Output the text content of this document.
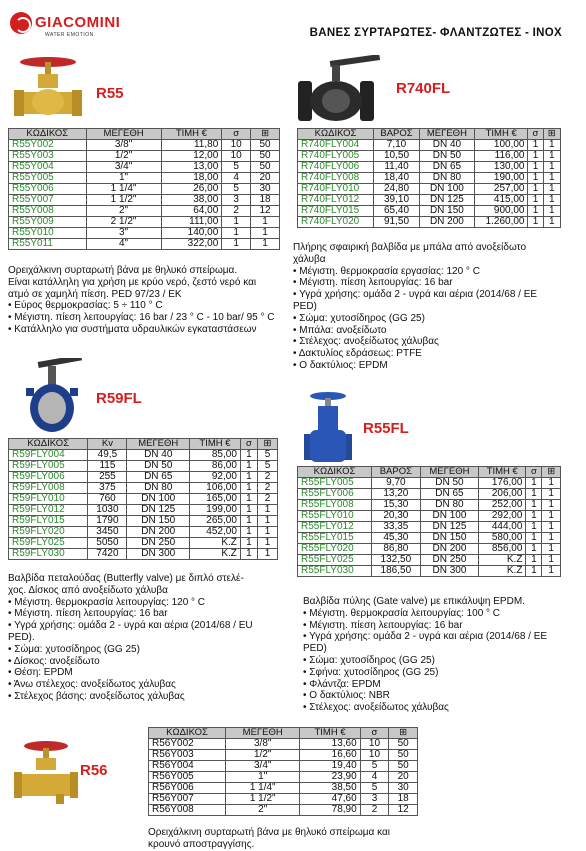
GIACOMINI
WATER EMOTION	ΒΑΝΕΣ ΣΥΡΤΑΡΩΤΕΣ- ΦΛΑΝΤΖΩΤΕΣ - INOX
R55
ΚΩΔΙΚΟΣ	ΜΕΓΕΘΗ	ΤΙΜΗ €	σ	⊞
R55Y002	3/8"	11,80	10	50
R55Y003	1/2"	12,00	10	50
R55Y004	3/4"	13,00	5	50
R55Y005	1"	18,00	4	20
R55Y006	1 1/4"	26,00	5	30
R55Y007	1 1/2"	38,00	3	18
R55Y008	2"	64,00	2	12
R55Y009	2 1/2"	111,00	1	1
R55Y010	3"	140,00	1	1
R55Y011	4"	322,00	1	1

Ορειχάλκινη συρταρωτή βάνα με θηλυκό σπείρωμα.

Είναι κατάλληλη για χρήση με κρύο νερό, ζεστό νερό και

ατμό σε χαμηλή πίεση. PED 97/23 / ΕΚ

• Εύρος θερμοκρασίας: 5 ÷ 110 ° C

• Μέγιστη. πίεση λειτουργίας: 16 bar / 23 ° C - 10 bar/ 95 ° C

• Κατάλληλο για συστήματα υδραυλικών εγκαταστάσεων

R740FL
ΚΩΔΙΚΟΣ	ΒΑΡΟΣ	ΜΕΓΕΘΗ	ΤΙΜΗ €	σ	⊞
R740FLY004	7,10	DN 40	100,00	1	1
R740FLY005	10,50	DN 50	116,00	1	1
R740FLY006	11,40	DN 65	130,00	1	1
R740FLY008	18,40	DN 80	190,00	1	1
R740FLY010	24,80	DN 100	257,00	1	1
R740FLY012	39,10	DN 125	415,00	1	1
R740FLY015	65,40	DN 150	900,00	1	1
R740FLY020	91,50	DN 200	1.260,00	1	1

Πλήρης σφαιρική βαλβίδα με μπάλα από ανοξείδωτο

χάλυβα

• Μέγιστη. θερμοκρασία εργασίας: 120 ° C

• Μέγιστη. πίεση λειτουργίας: 16 bar

• Υγρά χρήσης: ομάδα 2 - υγρά και αέρια (2014/68 / EE

PED)

• Σώμα: χυτοσίδηρος (GG 25)

• Μπάλα: ανοξείδωτο

• Στέλεχος: ανοξείδωτος χάλυβας

• Δακτυλίος εδράσεως: PTFE

• Ο δακτύλιος: EPDM

R59FL
ΚΩΔΙΚΟΣ	Kv	ΜΕΓΕΘΗ	ΤΙΜΗ €	σ	⊞
R59FLY004	49,5	DN 40	85,00	1	5
R59FLY005	115	DN 50	86,00	1	5
R59FLY006	255	DN 65	92,00	1	2
R59FLY008	375	DN 80	106,00	1	2
R59FLY010	760	DN 100	165,00	1	2
R59FLY012	1030	DN 125	199,00	1	1
R59FLY015	1790	DN 150	265,00	1	1
R59FLY020	3450	DN 200	452,00	1	1
R59FLY025	5050	DN 250	K.Z	1	1
R59FLY030	7420	DN 300	K.Z	1	1

Βαλβίδα πεταλούδας (Butterfly valve) με διπλό στελέ-

χος. Δίσκος από ανοξείδωτο χάλυβα

• Μέγιστη. θερμοκρασία λειτουργίας: 120 ° C

• Μέγιστη. πίεση λειτουργίας: 16 bar

• Υγρά χρήσης: ομάδα 2 - υγρά και αέρια (2014/68 / EU

PED).

• Σώμα: χυτοσίδηρος (GG 25)

• Δίσκος: ανοξείδωτο

• Θέση: EPDM

• Άνω στέλεχος: ανοξείδωτος χάλυβας

• Στέλεχος βάσης: ανοξείδωτος χάλυβας

R55FL
ΚΩΔΙΚΟΣ	ΒΑΡΟΣ	ΜΕΓΕΘΗ	ΤΙΜΗ €	σ	⊞
R55FLY005	9,70	DN 50	176,00	1	1
R55FLY006	13,20	DN 65	206,00	1	1
R55FLY008	15,30	DN 80	252,00	1	1
R55FLY010	20,30	DN 100	292,00	1	1
R55FLY012	33,35	DN 125	444,00	1	1
R55FLY015	45,30	DN 150	580,00	1	1
R55FLY020	86,80	DN 200	856,00	1	1
R55FLY025	132,50	DN 250	K.Z	1	1
R55FLY030	186,50	DN 300	K.Z	1	1

Βαλβίδα πύλης (Gate valve) με επικάλυψη EPDM.

• Μέγιστη. θερμοκρασία λειτουργίας: 100 ° C

• Μέγιστη. πίεση λειτουργίας: 16 bar

• Υγρά χρήσης: ομάδα 2 - υγρά και αέρια (2014/68 / EE

PED)

• Σώμα: χυτοσίδηρος (GG 25)

• Σφήνα: χυτοσίδηρος (GG 25)

• Φλάντζα: EPDM

• Ο δακτύλιος: NBR

• Στέλεχος: ανοξείδωτος χάλυβας

R56
ΚΩΔΙΚΟΣ	ΜΕΓΕΘΗ	ΤΙΜΗ €	σ	⊞
R56Y002	3/8"	13,60	10	50
R56Y003	1/2"	16,60	10	50
R56Y004	3/4"	19,40	5	50
R56Y005	1"	23,90	4	20
R56Y006	1 1/4"	38,50	5	30
R56Y007	1 1/2"	47,60	3	18
R56Y008	2"	78,90	2	12

Ορειχάλκινη συρταρωτή βάνα με θηλυκό σπείρωμα και

κρουνό αποστραγγίσης.
